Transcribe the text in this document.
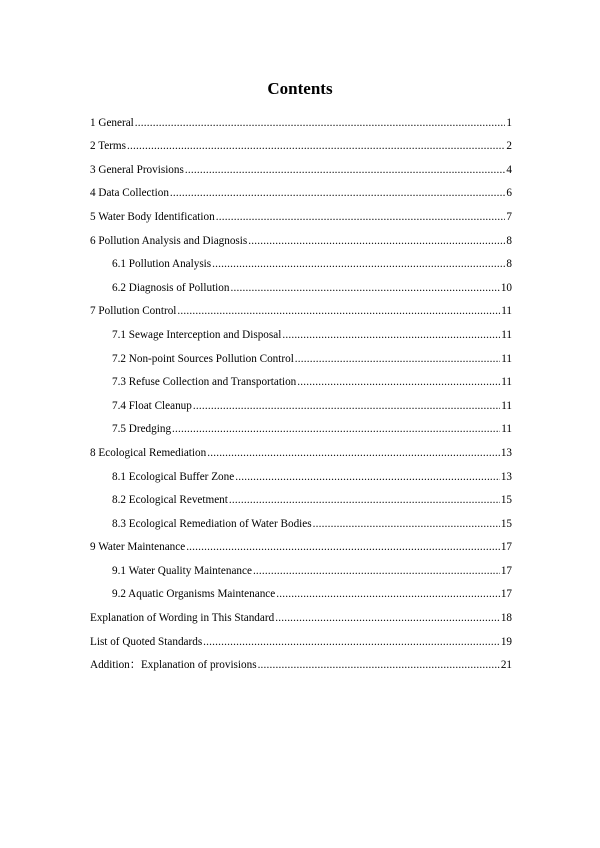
Contents
1 General .....	1
2 Terms .....	2
3 General Provisions .....	4
4 Data Collection .....	6
5 Water Body Identification .....	7
6 Pollution Analysis and Diagnosis .....	8
6.1 Pollution Analysis .....	8
6.2 Diagnosis of Pollution .....	10
7 Pollution Control .....	11
7.1 Sewage Interception and Disposal .....	11
7.2 Non-point Sources Pollution Control .....	11
7.3 Refuse Collection and Transportation .....	11
7.4 Float Cleanup .....	11
7.5 Dredging .....	11
8 Ecological Remediation .....	13
8.1 Ecological Buffer Zone .....	13
8.2 Ecological Revetment .....	15
8.3 Ecological Remediation of Water Bodies .....	15
9 Water Maintenance .....	17
9.1 Water Quality Maintenance .....	17
9.2 Aquatic Organisms Maintenance .....	17
Explanation of Wording in This Standard .....	18
List of Quoted Standards .....	19
Addition：Explanation of provisions .....	21
